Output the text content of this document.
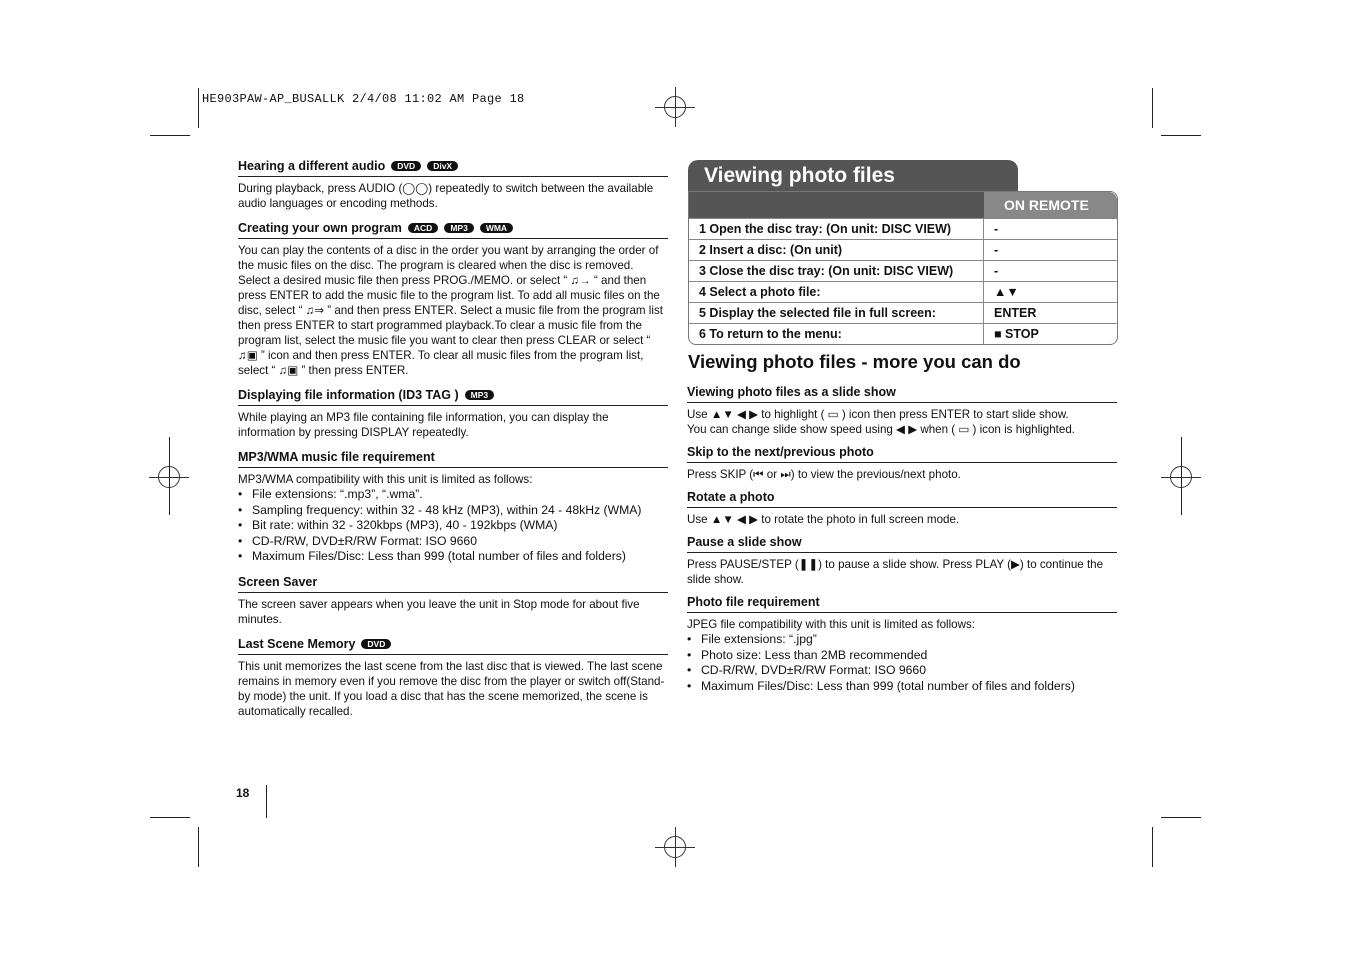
HE903PAW-AP_BUSALLK 2/4/08 11:02 AM Page 18
18
Hearing a different audio	DVD	DivX
During playback, press AUDIO (◯◯) repeatedly to switch between the available audio languages or encoding methods.
Creating your own program	ACD	MP3	WMA
You can play the contents of a disc in the order you want by arranging the order of the music files on the disc. The program is cleared when the disc is removed. Select a desired music file then press PROG./MEMO. or select “ ♫→ “ and then press ENTER to add the music file to the program list. To add all music files on the disc, select “ ♫⇒ ” and then press ENTER. Select a music file from the program list then press ENTER to start programmed playback.To clear a music file from the program list, select the music file you want to clear then press CLEAR or select “ ♫▣ ” icon and then press ENTER. To clear all music files from the program list, select “ ♫▣ ” then press ENTER.
Displaying file information (ID3 TAG )	MP3
While playing an MP3 file containing file information, you can display the information by pressing DISPLAY repeatedly.
MP3/WMA music file requirement
MP3/WMA compatibility with this unit is limited as follows:
• File extensions: “.mp3”, “.wma”.
• Sampling frequency: within 32 - 48 kHz (MP3), within 24 - 48kHz (WMA)
• Bit rate: within 32 - 320kbps (MP3), 40 - 192kbps (WMA)
• CD-R/RW, DVD±R/RW Format: ISO 9660
• Maximum Files/Disc: Less than 999 (total number of files and folders)
Screen Saver
The screen saver appears when you leave the unit in Stop mode for about five minutes.
Last Scene Memory	DVD
This unit memorizes the last scene from the last disc that is viewed. The last scene remains in memory even if you remove the disc from the player or switch off(Stand-by mode) the unit. If you load a disc that has the scene memorized, the scene is automatically recalled.
Viewing photo files
ON REMOTE
1 Open the disc tray: (On unit: DISC VIEW)	-
2 Insert a disc: (On unit)	-
3 Close the disc tray: (On unit: DISC VIEW)	-
4 Select a photo file:	▲▼
5 Display the selected file in full screen:	ENTER
6 To return to the menu:	■ STOP
Viewing photo files - more you can do
Viewing photo files as a slide show
Use ▲▼ ◀ ▶ to highlight ( ▭ ) icon then press ENTER to start slide show.
You can change slide show speed using ◀ ▶ when ( ▭ ) icon is highlighted.
Skip to the next/previous photo
Press SKIP (⏮ or ⏭) to view the previous/next photo.
Rotate a photo
Use ▲▼ ◀ ▶ to rotate the photo in full screen mode.
Pause a slide show
Press PAUSE/STEP (❚❚) to pause a slide show. Press PLAY (▶) to continue the slide show.
Photo file requirement
JPEG file compatibility with this unit is limited as follows:
• File extensions: “.jpg”
• Photo size: Less than 2MB recommended
• CD-R/RW, DVD±R/RW Format: ISO 9660
• Maximum Files/Disc: Less than 999 (total number of files and folders)
